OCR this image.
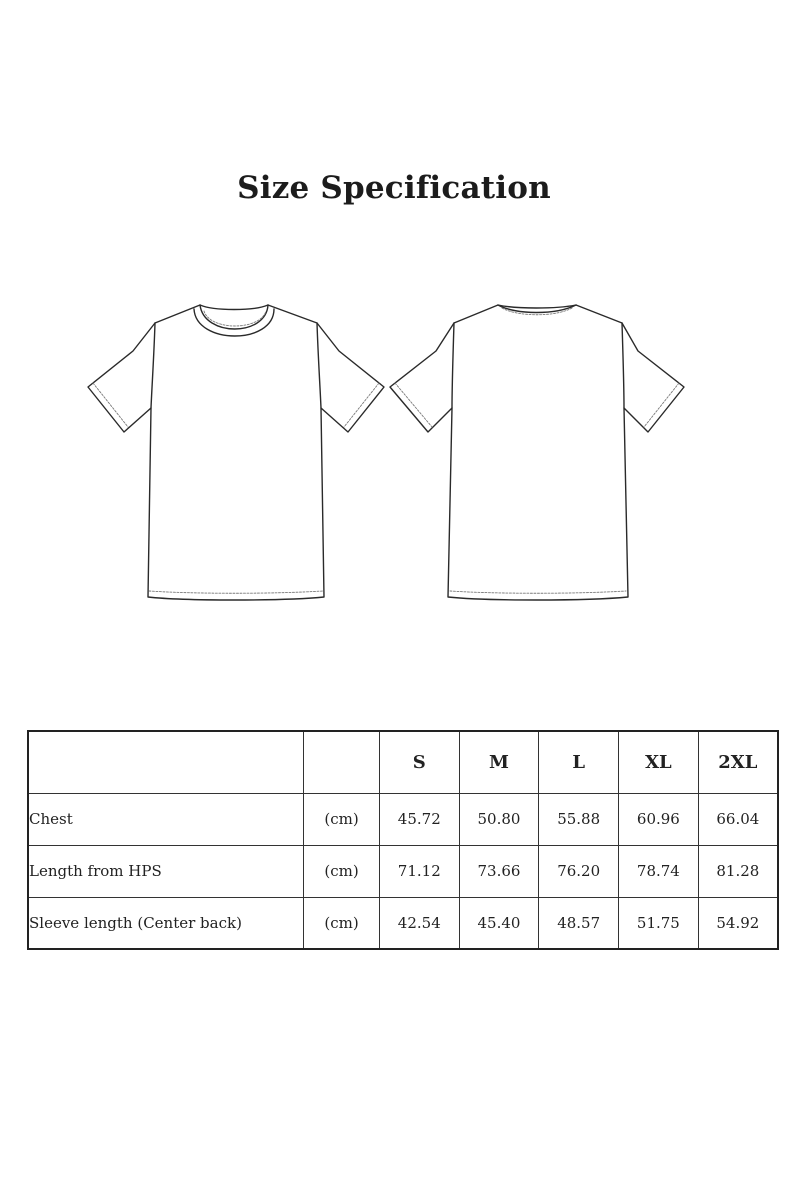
Size Specification
		S	M	L	XL	2XL
Chest	(cm)	45.72	50.80	55.88	60.96	66.04
Length from HPS	(cm)	71.12	73.66	76.20	78.74	81.28
Sleeve length (Center back)	(cm)	42.54	45.40	48.57	51.75	54.92
